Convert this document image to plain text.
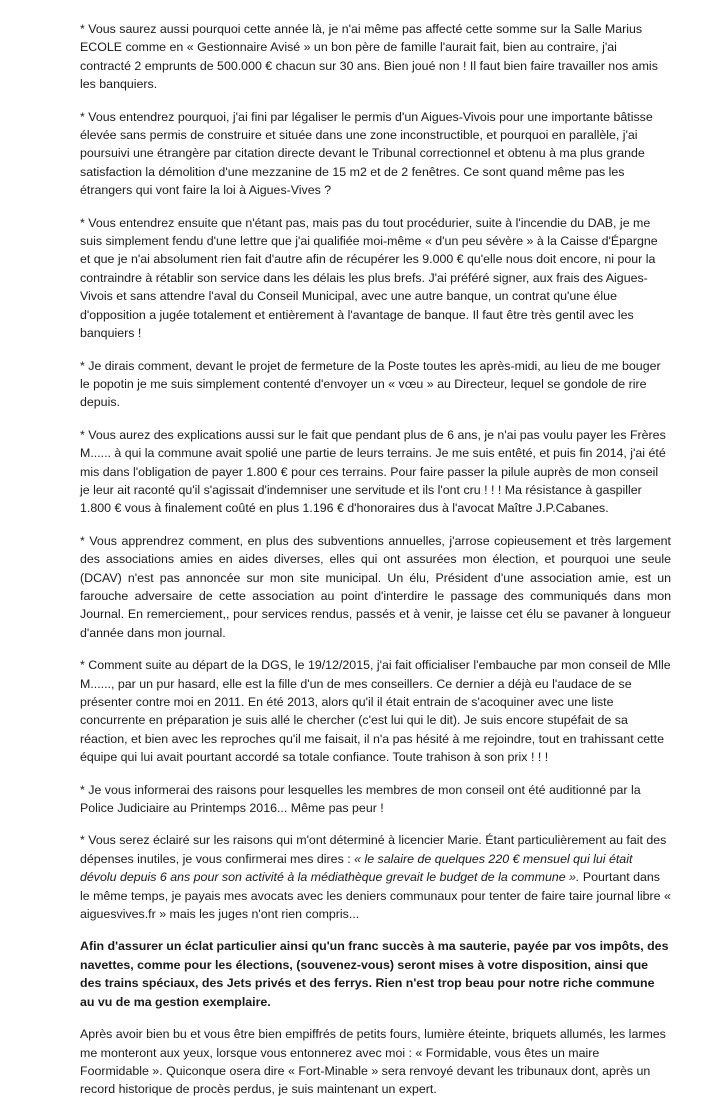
* Vous saurez aussi pourquoi cette année là, je n'ai même pas affecté cette somme sur la Salle Marius ECOLE comme en « Gestionnaire Avisé » un bon père de famille l'aurait fait, bien au contraire, j'ai contracté 2 emprunts de 500.000 € chacun sur 30 ans. Bien joué non ! Il faut bien faire travailler nos amis les banquiers.

* Vous entendrez pourquoi, j'ai fini par légaliser le permis d'un Aigues-Vivois pour une importante bâtisse élevée sans permis de construire et située dans une zone inconstructible, et pourquoi en parallèle, j'ai poursuivi une étrangère par citation directe devant le Tribunal correctionnel et obtenu à ma plus grande satisfaction la démolition d'une mezzanine de 15 m2 et de 2 fenêtres. Ce sont quand même pas les étrangers qui vont faire la loi à Aigues-Vives ?

* Vous entendrez ensuite que n'étant pas, mais pas du tout procédurier, suite à l'incendie du DAB, je me suis simplement fendu d'une lettre que j'ai qualifiée moi-même « d'un peu sévère » à la Caisse d'Épargne et que je n'ai absolument rien fait d'autre afin de récupérer les 9.000 € qu'elle nous doit encore, ni pour la contraindre à rétablir son service dans les délais les plus brefs. J'ai préféré signer, aux frais des Aigues-Vivois et sans attendre l'aval du Conseil Municipal, avec une autre banque, un contrat qu'une élue d'opposition a jugée totalement et entièrement à l'avantage de banque. Il faut être très gentil avec les banquiers !

* Je dirais comment, devant le projet de fermeture de la Poste toutes les après-midi, au lieu de me bouger le popotin je me suis simplement contenté d'envoyer un « vœu » au Directeur, lequel se gondole de rire depuis.

* Vous aurez des explications aussi sur le fait que pendant plus de 6 ans, je n'ai pas voulu payer les Frères M...... à qui la commune avait spolié une partie de leurs terrains. Je me suis entêté, et puis fin 2014, j'ai été mis dans l'obligation de payer 1.800 € pour ces terrains. Pour faire passer la pilule auprès de mon conseil je leur ait raconté qu'il s'agissait d'indemniser une servitude et ils l'ont cru ! ! ! Ma résistance à gaspiller 1.800 € vous à finalement coûté en plus 1.196 € d'honoraires dus à l'avocat Maître J.P.Cabanes.

* Vous apprendrez comment, en plus des subventions annuelles, j'arrose copieusement et très largement des associations amies en aides diverses, elles qui ont assurées mon élection, et pourquoi une seule (DCAV) n'est pas annoncée sur mon site municipal. Un élu, Président d'une association amie, est un farouche adversaire de cette association au point d'interdire le passage des communiqués dans mon Journal. En remerciement,, pour services rendus, passés et à venir, je laisse cet élu se pavaner à longueur d'année dans mon journal.

* Comment suite au départ de la DGS, le 19/12/2015, j'ai fait officialiser l'embauche par mon conseil de Mlle M......, par un pur hasard, elle est la fille d'un de mes conseillers. Ce dernier a déjà eu l'audace de se présenter contre moi en 2011. En été 2013, alors qu'il il était entrain de s'acoquiner avec une liste concurrente en préparation je suis allé le chercher (c'est lui qui le dit). Je suis encore stupéfait de sa réaction, et bien avec les reproches qu'il me faisait, il n'a pas hésité à me rejoindre, tout en trahissant cette équipe qui lui avait pourtant accordé sa totale confiance. Toute trahison à son prix ! ! !

* Je vous informerai des raisons pour lesquelles les membres de mon conseil ont été auditionné par la Police Judiciaire au Printemps 2016... Même pas peur !

* Vous serez éclairé sur les raisons qui m'ont déterminé à licencier Marie. Étant particulièrement au fait des dépenses inutiles, je vous confirmerai mes dires : « le salaire de quelques 220 € mensuel qui lui était dévolu depuis 6 ans pour son activité à la médiathèque grevait le budget de la commune ». Pourtant dans le même temps, je payais mes avocats avec les deniers communaux pour tenter de faire taire journal libre « aiguesvives.fr » mais les juges n'ont rien compris...

Afin d'assurer un éclat particulier ainsi qu'un franc succès à ma sauterie, payée par vos impôts, des navettes, comme pour les élections, (souvenez-vous) seront mises à votre disposition, ainsi que des trains spéciaux, des Jets privés et des ferrys. Rien n'est trop beau pour notre riche commune au vu de ma gestion exemplaire.

Après avoir bien bu et vous être bien empiffrés de petits fours, lumière éteinte, briquets allumés, les larmes me monteront aux yeux, lorsque vous entonnerez avec moi : « Formidable, vous êtes un maire Foormidable ». Quiconque osera dire « Fort-Minable » sera renvoyé devant les tribunaux dont, après un record historique de procès perdus, je suis maintenant un expert.
